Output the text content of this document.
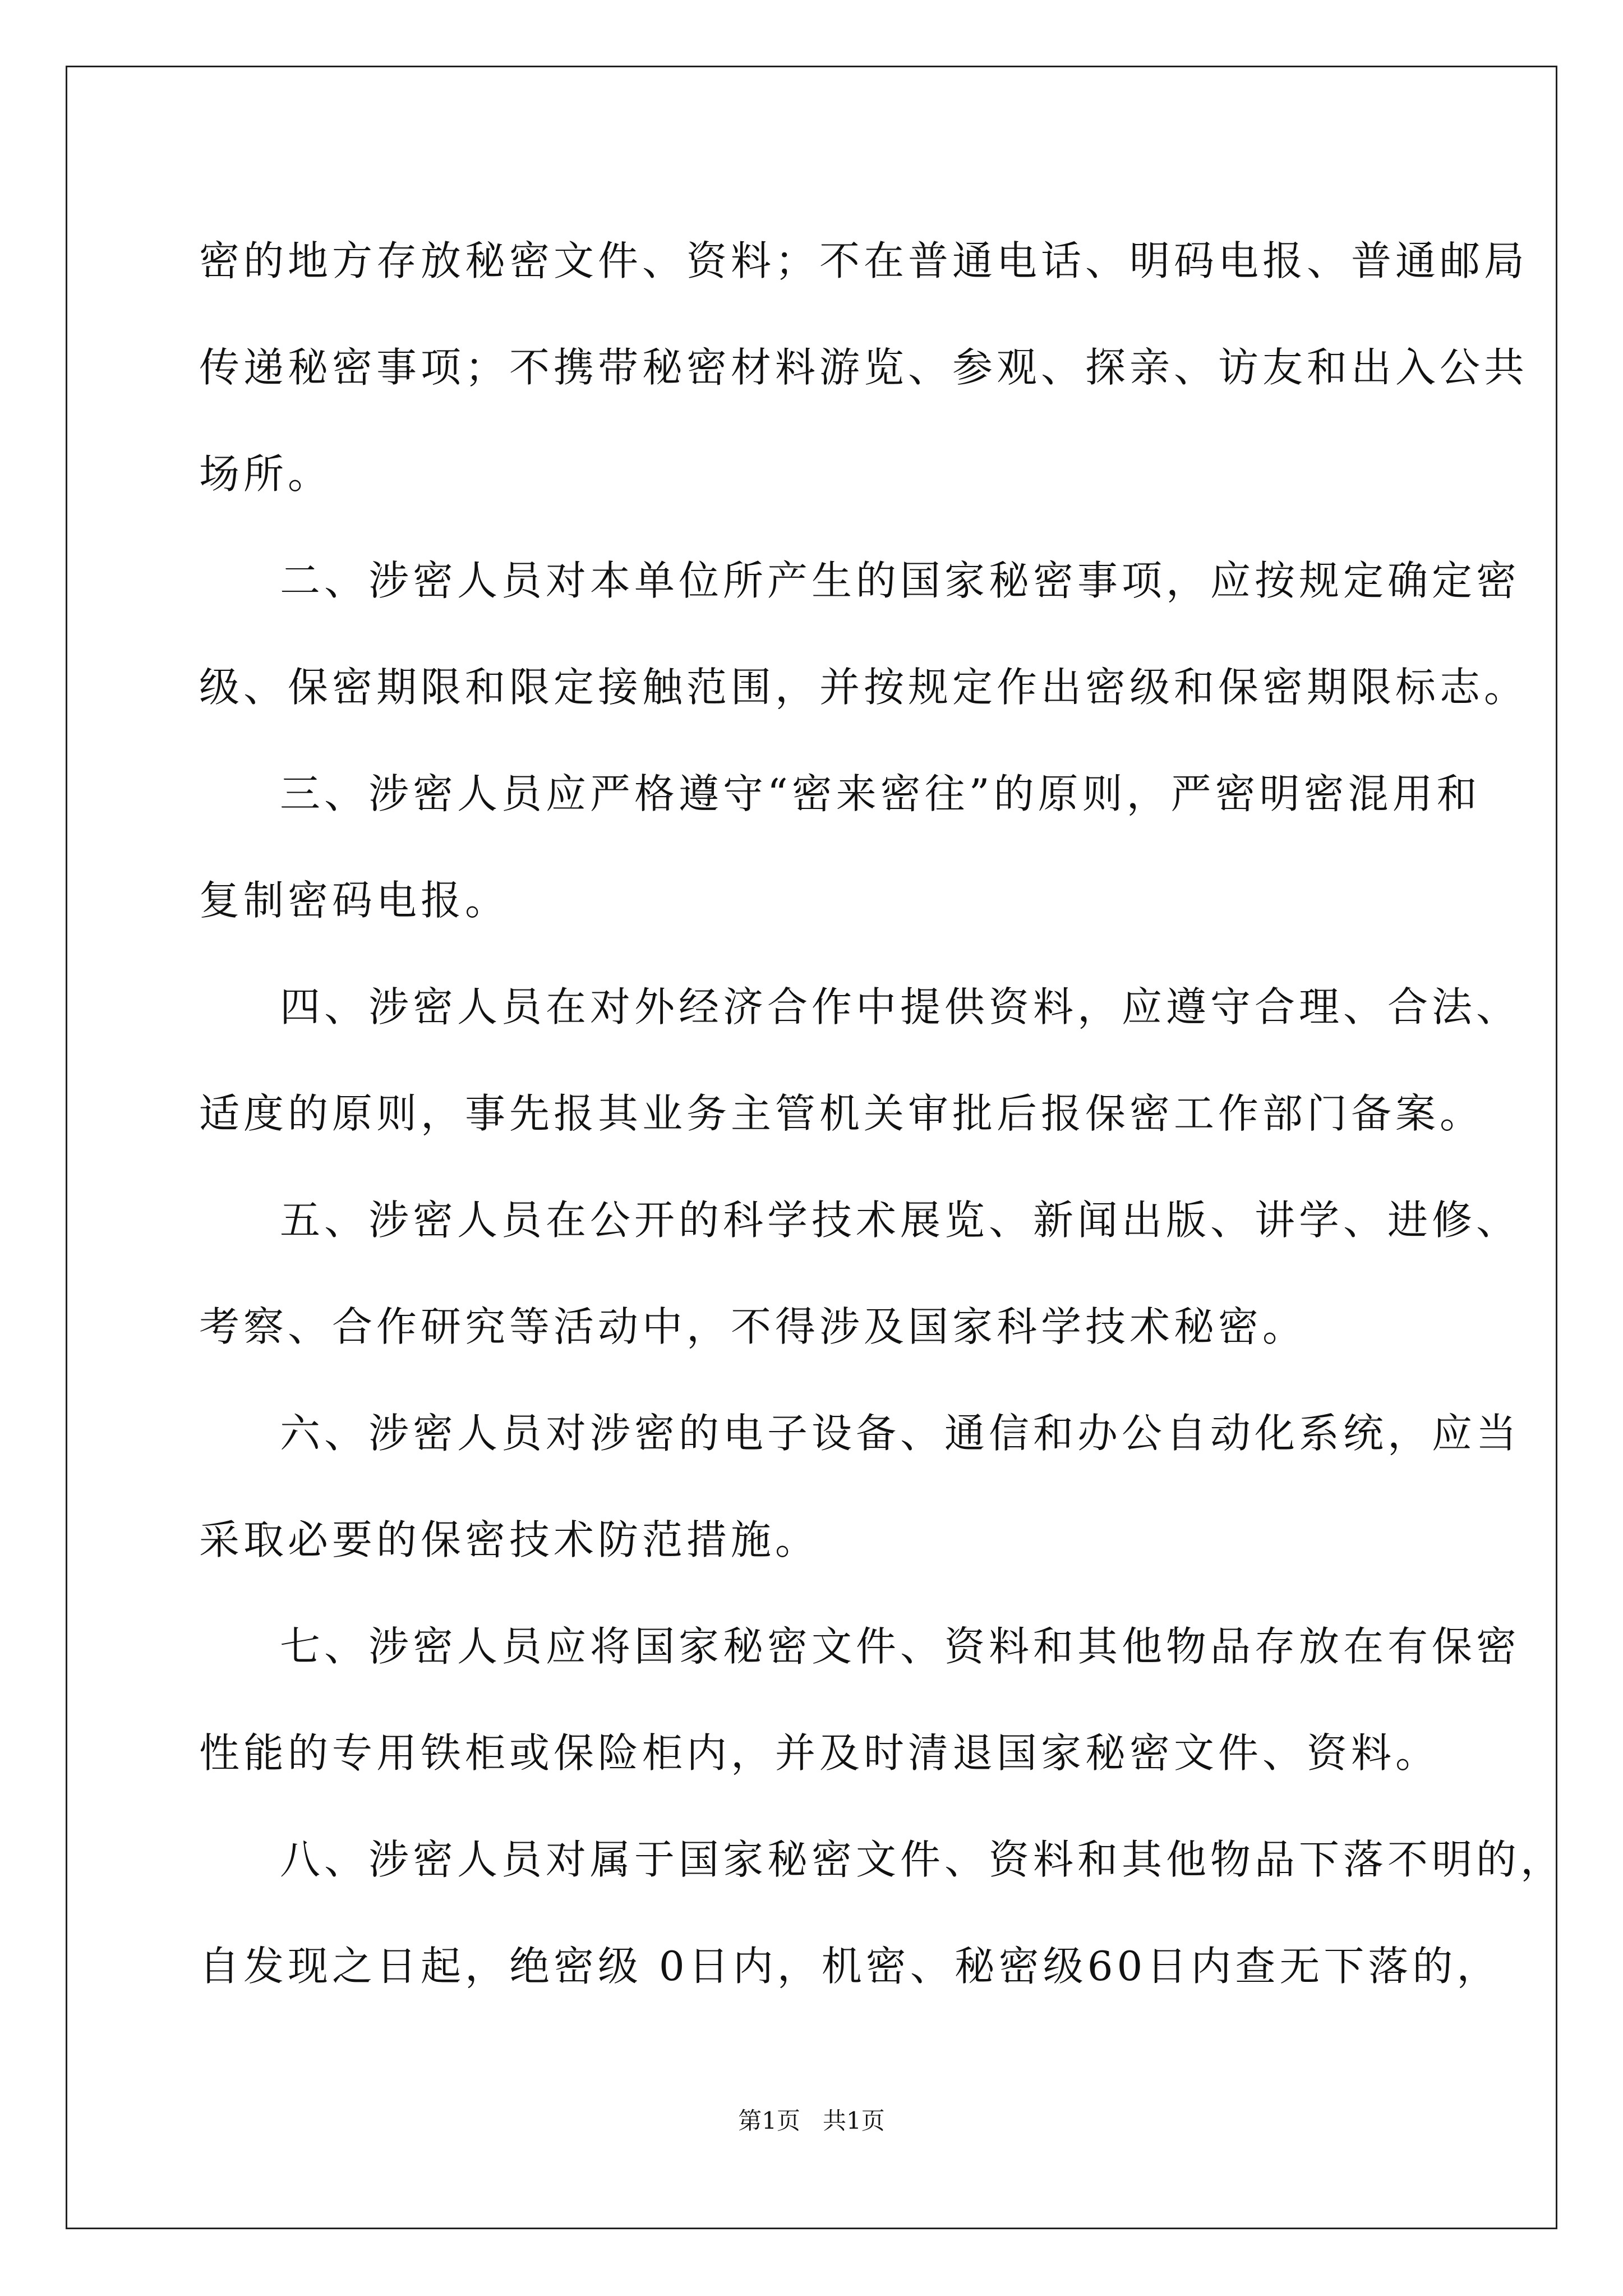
密的地方存放秘密文件、资料；不在普通电话、明码电报、普通邮局
传递秘密事项；不携带秘密材料游览、参观、探亲、访友和出入公共
场所。
二、涉密人员对本单位所产生的国家秘密事项，应按规定确定密
级、保密期限和限定接触范围，并按规定作出密级和保密期限标志。
三、涉密人员应严格遵守“密来密往”的原则，严密明密混用和
复制密码电报。
四、涉密人员在对外经济合作中提供资料，应遵守合理、合法、
适度的原则，事先报其业务主管机关审批后报保密工作部门备案。
五、涉密人员在公开的科学技术展览、新闻出版、讲学、进修、
考察、合作研究等活动中，不得涉及国家科学技术秘密。
六、涉密人员对涉密的电子设备、通信和办公自动化系统，应当
采取必要的保密技术防范措施。
七、涉密人员应将国家秘密文件、资料和其他物品存放在有保密
性能的专用铁柜或保险柜内，并及时清退国家秘密文件、资料。
八、涉密人员对属于国家秘密文件、资料和其他物品下落不明的，
自发现之日起，绝密级 0日内，机密、秘密级60日内查无下落的，
第1页   共1页
